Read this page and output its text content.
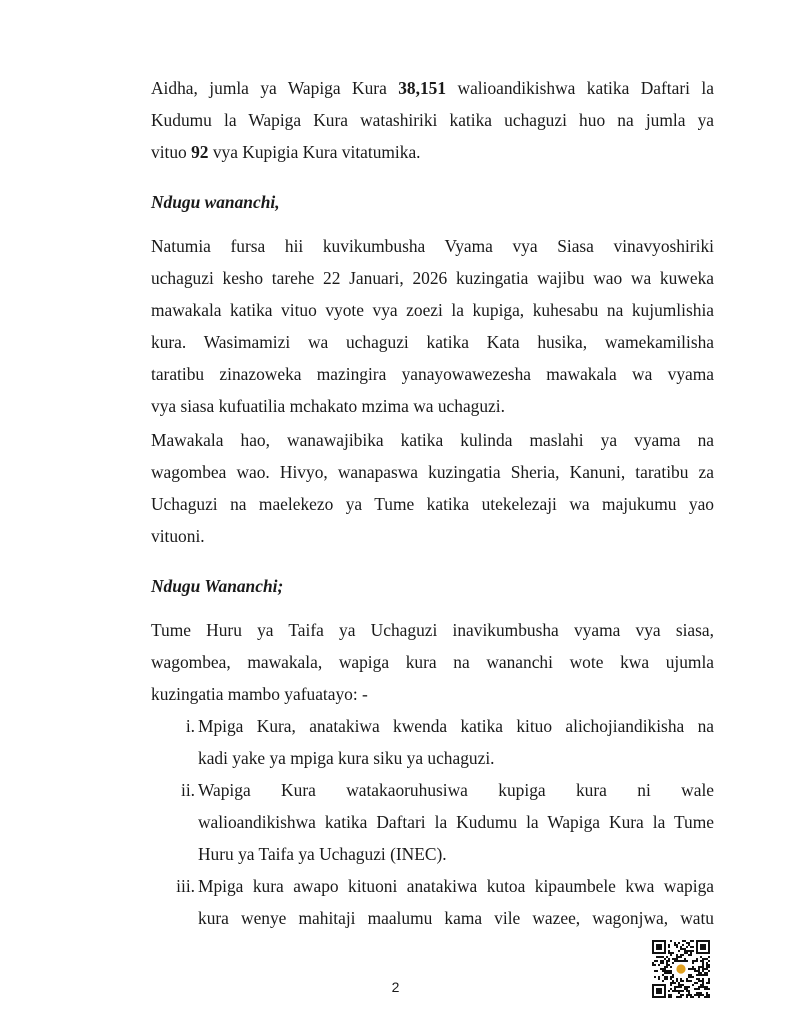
Aidha, jumla ya Wapiga Kura 38,151 walioandikishwa katika Daftari la
Kudumu la Wapiga Kura watashiriki katika uchaguzi huo na jumla ya
vituo 92 vya Kupigia Kura vitatumika.
Ndugu wananchi,
Natumia fursa hii kuvikumbusha Vyama vya Siasa vinavyoshiriki
uchaguzi kesho tarehe 22 Januari, 2026 kuzingatia wajibu wao wa kuweka
mawakala katika vituo vyote vya zoezi la kupiga, kuhesabu na kujumlishia
kura. Wasimamizi wa uchaguzi katika Kata husika, wamekamilisha
taratibu zinazoweka mazingira yanayowawezesha mawakala wa vyama
vya siasa kufuatilia mchakato mzima wa uchaguzi.
Mawakala hao, wanawajibika katika kulinda maslahi ya vyama na
wagombea wao. Hivyo, wanapaswa kuzingatia Sheria, Kanuni, taratibu za
Uchaguzi na maelekezo ya Tume katika utekelezaji wa majukumu yao
vituoni.
Ndugu Wananchi;
Tume Huru ya Taifa ya Uchaguzi inavikumbusha vyama vya siasa,
wagombea, mawakala, wapiga kura na wananchi wote kwa ujumla
kuzingatia mambo yafuatayo: -
i. Mpiga Kura, anatakiwa kwenda katika kituo alichojiandikisha na
kadi yake ya mpiga kura siku ya uchaguzi.
ii. Wapiga Kura watakaoruhusiwa kupiga kura ni wale
walioandikishwa katika Daftari la Kudumu la Wapiga Kura la Tume
Huru ya Taifa ya Uchaguzi (INEC).
iii. Mpiga kura awapo kituoni anatakiwa kutoa kipaumbele kwa wapiga
kura wenye mahitaji maalumu kama vile wazee, wagonjwa, watu
2
